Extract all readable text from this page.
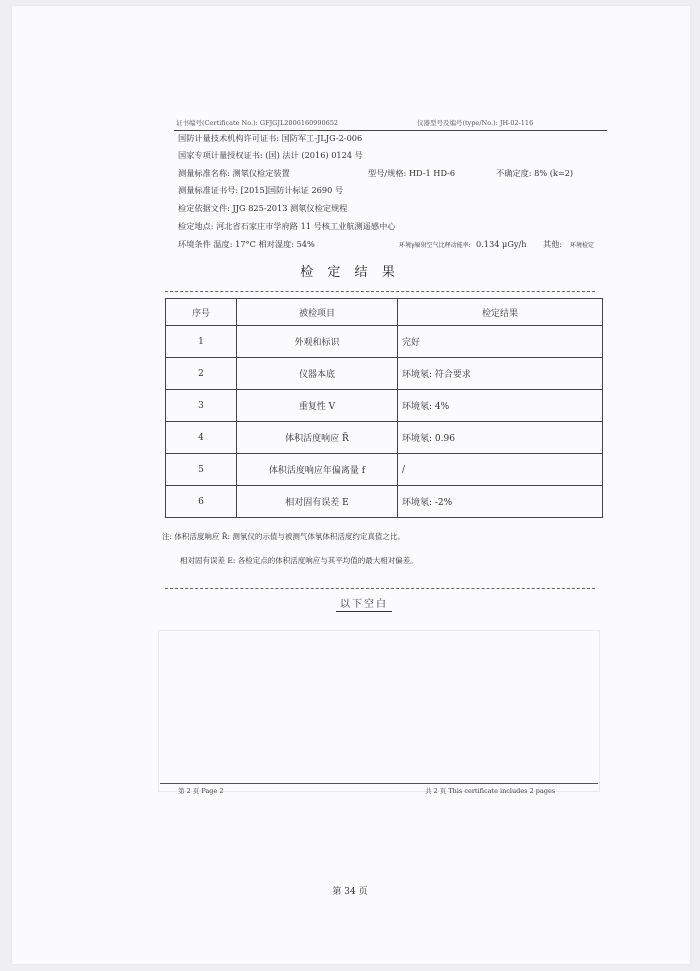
证书编号(Certificate No.): GFJGJL2006160990652	仪器型号及编号(type/No.): JH-02-116
国防计量技术机构许可证书: 国防军工-JLJG-2-006
国家专项计量授权证书: (国) 法计 (2016) 0124 号
测量标准名称: 测氡仪检定装置	型号/规格: HD-1 HD-6	不确定度: 8% (k=2)
测量标准证书号: [2015]国防计标证 2690 号
检定依据文件: JJG 825-2013 测氡仪检定规程
检定地点: 河北省石家庄市学府路 11 号核工业航测遥感中心
环境条件 温度: 17°C 相对湿度: 54%	环境γ辐射空气比释动能率: 0.134 μGy/h 其他: 环境检定
检 定 结 果
序号	被检项目	检定结果
1	外观和标识	完好
2	仪器本底	环境氡: 符合要求
3	重复性 V	环境氡: 4%
4	体积活度响应 R̄	环境氡: 0.96
5	体积活度响应年偏离量 f	/
6	相对固有误差 E	环境氡: -2%
注: 体积活度响应 R̄: 测氡仪的示值与被测气体氡体积活度约定真值之比。
相对固有误差 E: 各检定点的体积活度响应与其平均值的最大相对偏差。
以下空白
第 2 页 Page 2	共 2 页 This certificate includes 2 pages
第 34 页
